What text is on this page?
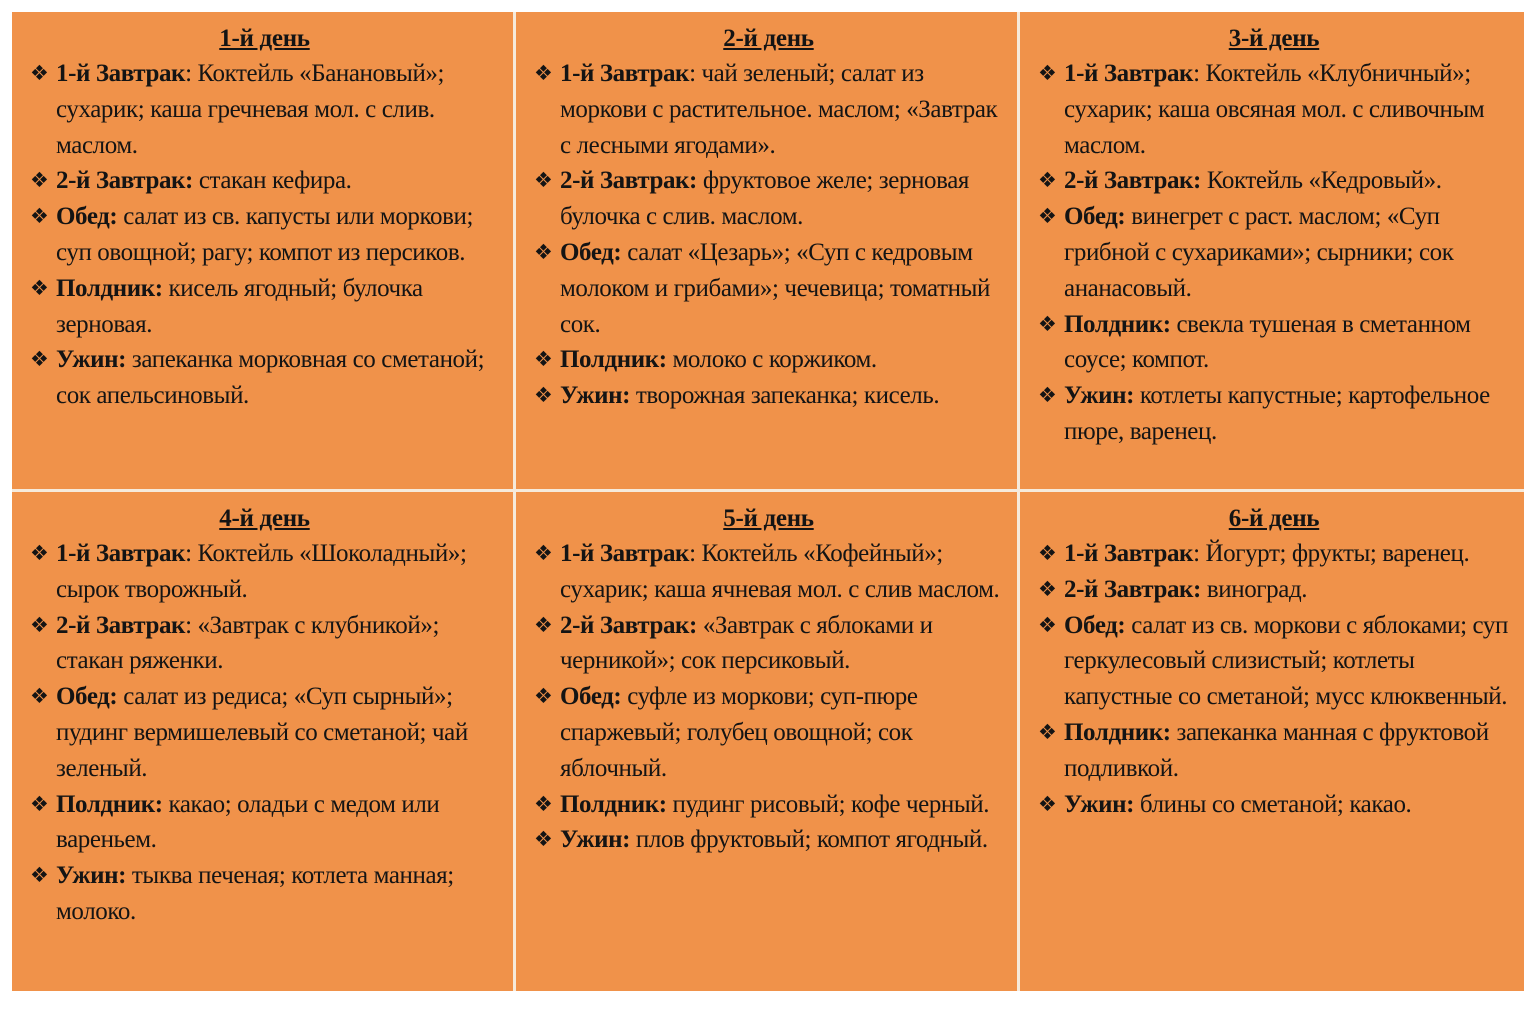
1-й день
❖ 1-й Завтрак: Коктейль «Банановый»; сухарик; каша гречневая мол. с слив. маслом.
❖ 2-й Завтрак: стакан кефира.
❖ Обед: салат из св. капусты или моркови; суп овощной; рагу; компот из персиков.
❖ Полдник: кисель ягодный; булочка зерновая.
❖ Ужин: запеканка морковная со сметаной; сок апельсиновый.
2-й день
❖ 1-й Завтрак: чай зеленый; салат из моркови с растительное. маслом; «Завтрак с лесными ягодами».
❖ 2-й Завтрак: фруктовое желе; зерновая булочка с слив. маслом.
❖ Обед: салат «Цезарь»; «Суп с кедровым молоком и грибами»; чечевица; томатный сок.
❖ Полдник: молоко с коржиком.
❖ Ужин: творожная запеканка; кисель.
3-й день
❖ 1-й Завтрак: Коктейль «Клубничный»; сухарик; каша овсяная мол. с сливочным маслом.
❖ 2-й Завтрак: Коктейль «Кедровый».
❖ Обед: винегрет с раст. маслом; «Суп грибной с сухариками»; сырники; сок ананасовый.
❖ Полдник: свекла тушеная в сметанном соусе; компот.
❖ Ужин: котлеты капустные; картофельное пюре, варенец.
4-й день
❖ 1-й Завтрак: Коктейль «Шоколадный»; сырок творожный.
❖ 2-й Завтрак: «Завтрак с клубникой»; стакан ряженки.
❖ Обед: салат из редиса; «Суп сырный»; пудинг вермишелевый со сметаной; чай зеленый.
❖ Полдник: какао; оладьи с медом или вареньем.
❖ Ужин: тыква печеная; котлета манная; молоко.
5-й день
❖ 1-й Завтрак: Коктейль «Кофейный»; сухарик; каша ячневая мол. с слив маслом.
❖ 2-й Завтрак: «Завтрак с яблоками и черникой»; сок персиковый.
❖ Обед: суфле из моркови; суп-пюре спаржевый; голубец овощной; сок яблочный.
❖ Полдник: пудинг рисовый; кофе черный.
❖ Ужин: плов фруктовый; компот ягодный.
6-й день
❖ 1-й Завтрак: Йогурт; фрукты; варенец.
❖ 2-й Завтрак: виноград.
❖ Обед: салат из св. моркови с яблоками; суп геркулесовый слизистый; котлеты капустные со сметаной; мусс клюквенный.
❖ Полдник: запеканка манная с фруктовой подливкой.
❖ Ужин: блины со сметаной; какао.
